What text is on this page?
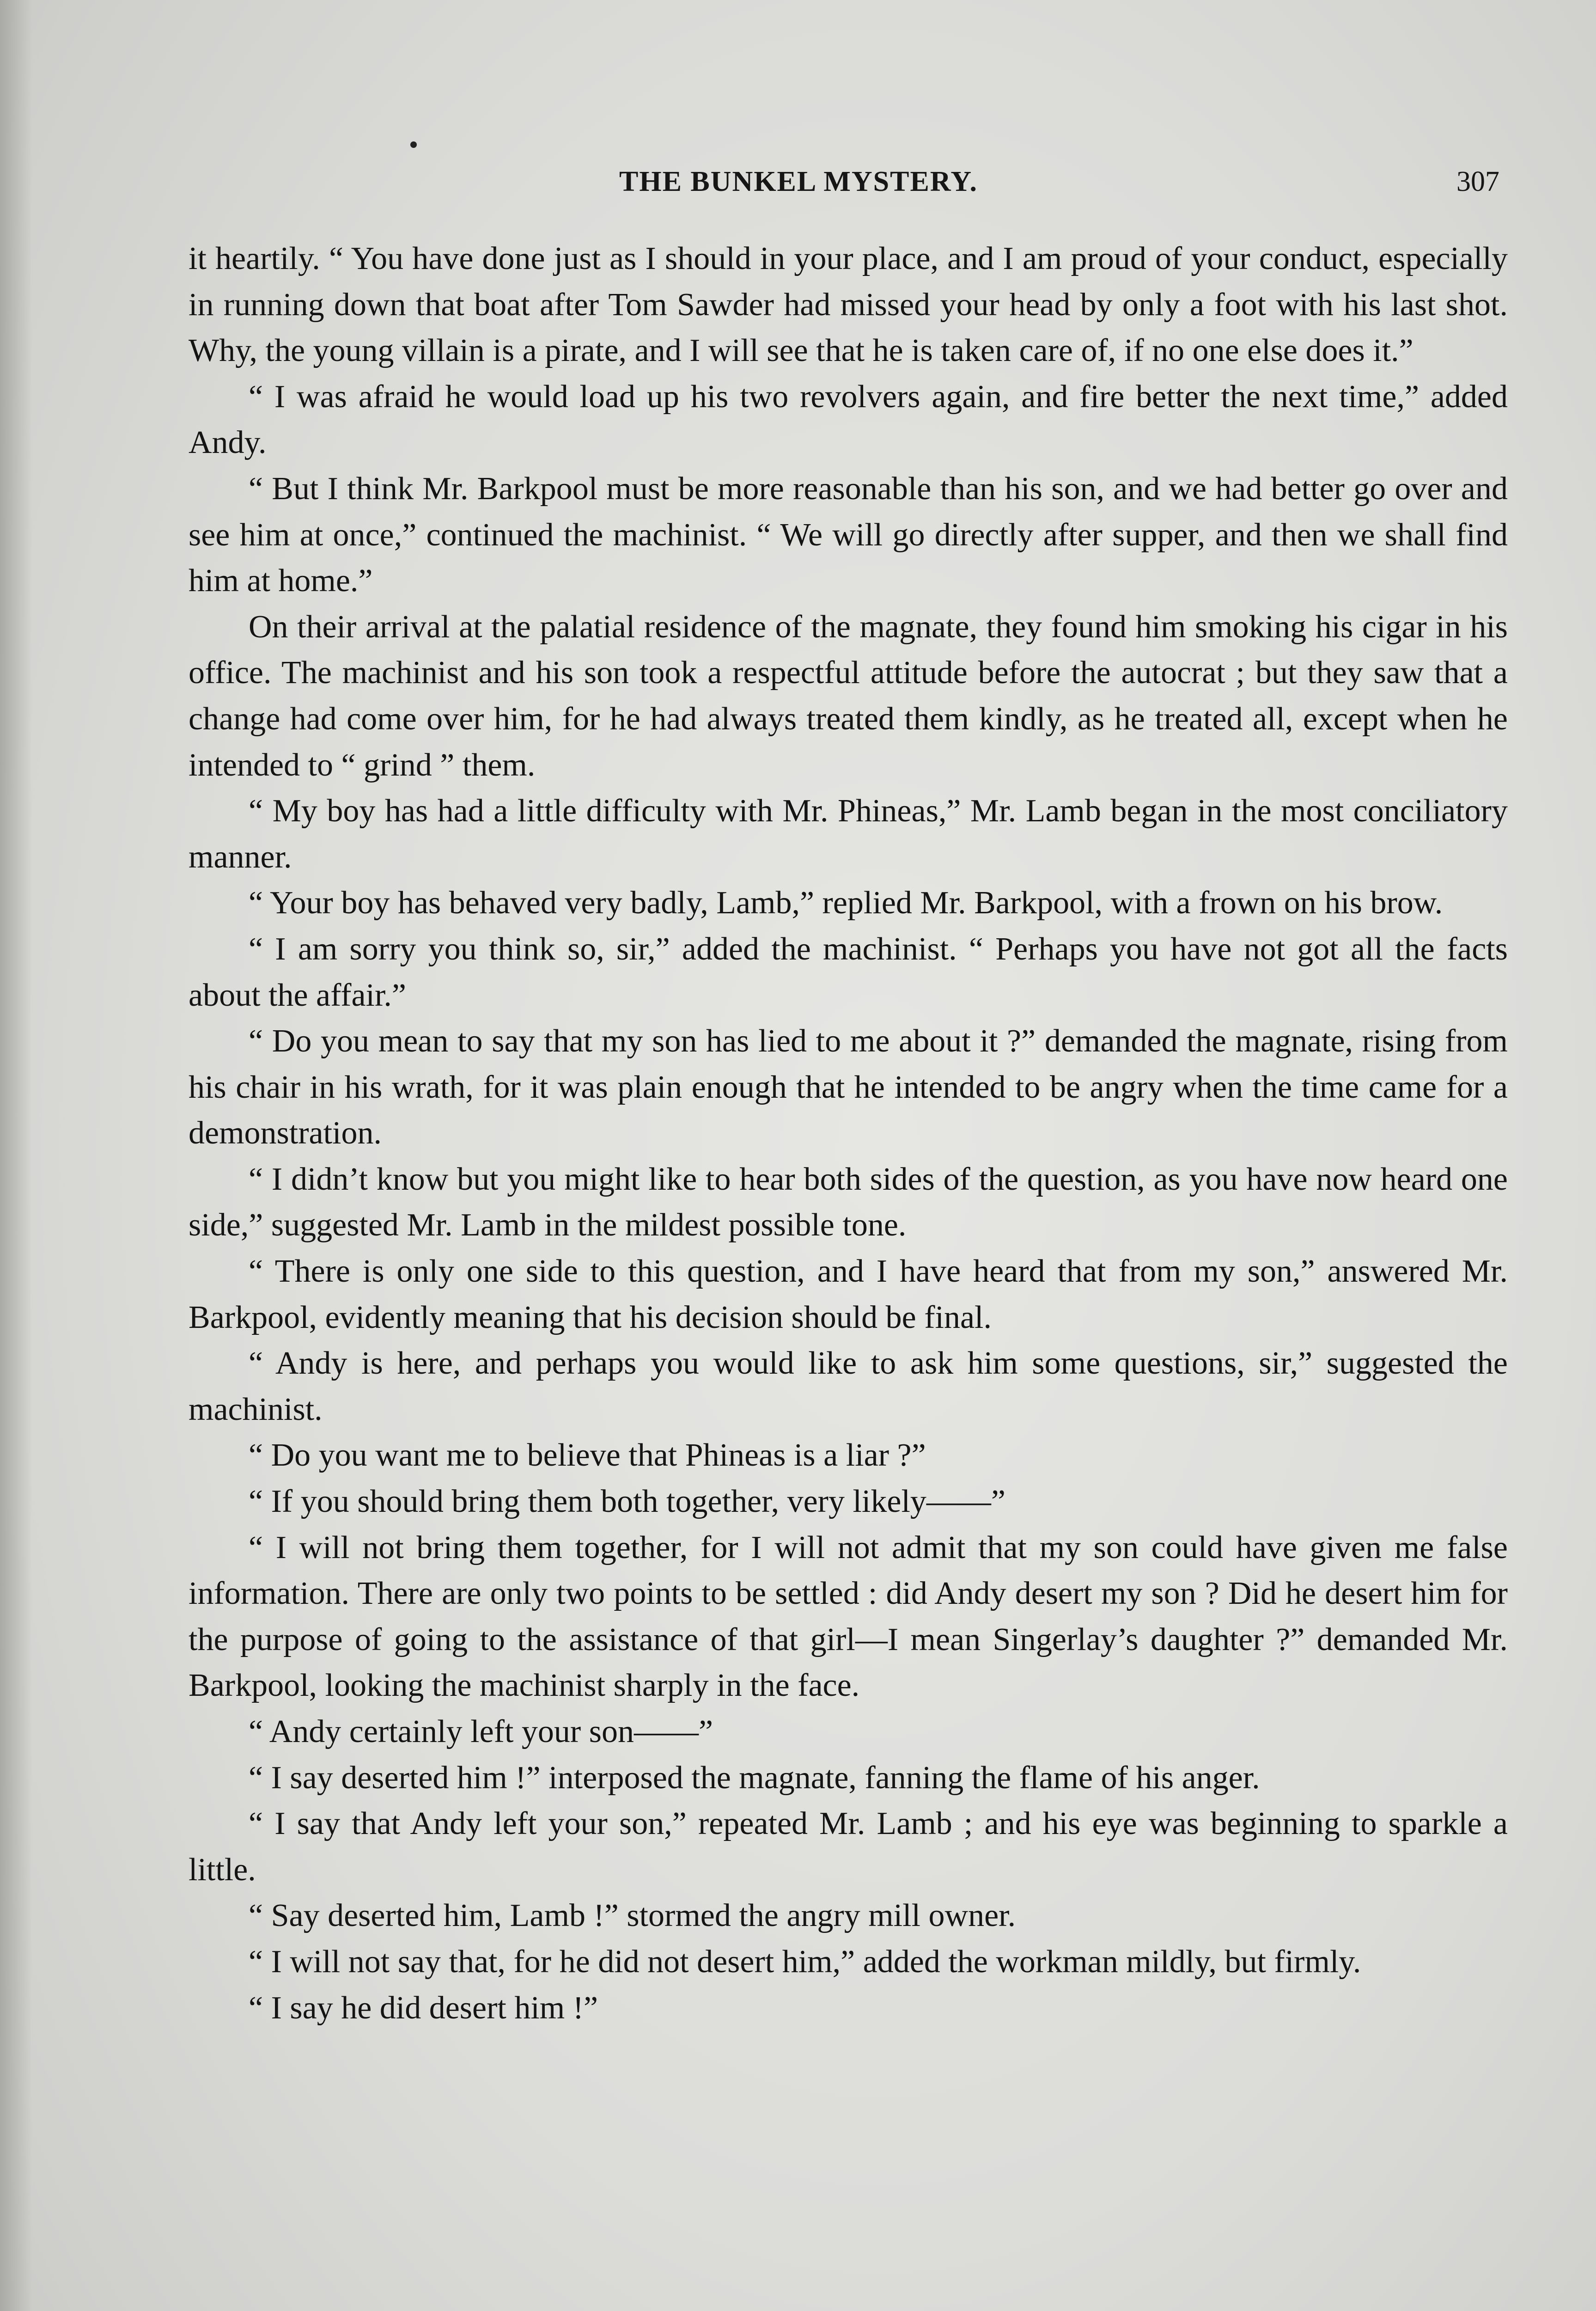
THE BUNKEL MYSTERY.	307

it heartily. “ You have done just as I should in your place, and I am proud of your conduct, especially in running down that boat after Tom Sawder had missed your head by only a foot with his last shot. Why, the young villain is a pirate, and I will see that he is taken care of, if no one else does it.”

“ I was afraid he would load up his two revolvers again, and fire better the next time,” added Andy.

“ But I think Mr. Barkpool must be more reasonable than his son, and we had better go over and see him at once,” continued the machinist. “ We will go directly after supper, and then we shall find him at home.”

On their arrival at the palatial residence of the magnate, they found him smoking his cigar in his office. The machinist and his son took a respectful attitude before the autocrat ; but they saw that a change had come over him, for he had always treated them kindly, as he treated all, except when he intended to “ grind ” them.

“ My boy has had a little difficulty with Mr. Phineas,” Mr. Lamb began in the most conciliatory manner.

“ Your boy has behaved very badly, Lamb,” replied Mr. Barkpool, with a frown on his brow.

“ I am sorry you think so, sir,” added the machinist. “ Perhaps you have not got all the facts about the affair.”

“ Do you mean to say that my son has lied to me about it ?” demanded the magnate, rising from his chair in his wrath, for it was plain enough that he intended to be angry when the time came for a demonstration.

“ I didn’t know but you might like to hear both sides of the question, as you have now heard one side,” suggested Mr. Lamb in the mildest possible tone.

“ There is only one side to this question, and I have heard that from my son,” answered Mr. Barkpool, evidently meaning that his decision should be final.

“ Andy is here, and perhaps you would like to ask him some questions, sir,” suggested the machinist.

“ Do you want me to believe that Phineas is a liar ?”

“ If you should bring them both together, very likely——”

“ I will not bring them together, for I will not admit that my son could have given me false information. There are only two points to be settled : did Andy desert my son ? Did he desert him for the purpose of going to the assistance of that girl—I mean Singerlay’s daughter ?” demanded Mr. Barkpool, looking the machinist sharply in the face.

“ Andy certainly left your son——”

“ I say deserted him !” interposed the magnate, fanning the flame of his anger.

“ I say that Andy left your son,” repeated Mr. Lamb ; and his eye was beginning to sparkle a little.

“ Say deserted him, Lamb !” stormed the angry mill owner.

“ I will not say that, for he did not desert him,” added the workman mildly, but firmly.

“ I say he did desert him !”
